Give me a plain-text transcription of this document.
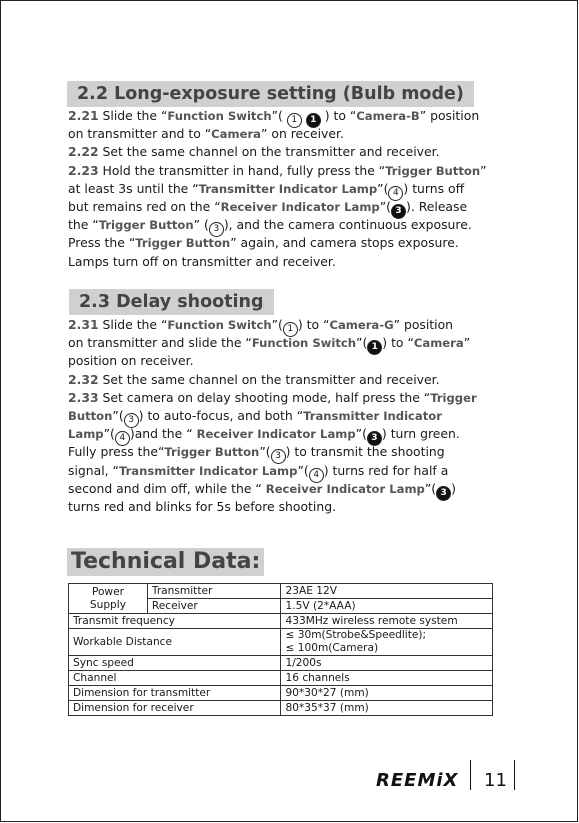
2.2 Long-exposure setting (Bulb mode)
2.21 Slide the “Function Switch”( 1 1 ) to “Camera-B” position
on transmitter and to “Camera” on receiver.
2.22 Set the same channel on the transmitter and receiver.
2.23 Hold the transmitter in hand, fully press the “Trigger Button”
at least 3s until the “Transmitter Indicator Lamp”( 4 ) turns off
but remains red on the “Receiver Indicator Lamp”( 3 ). Release
the “Trigger Button” ( 3 ), and the camera continuous exposure.
Press the “Trigger Button” again, and camera stops exposure.
Lamps turn off on transmitter and receiver.
2.3 Delay shooting
2.31 Slide the “Function Switch”( 1 ) to “Camera-G” position
on transmitter and slide the “Function Switch”( 1 ) to “Camera”
position on receiver.
2.32 Set the same channel on the transmitter and receiver.
2.33 Set camera on delay shooting mode, half press the “Trigger
Button”( 3 ) to auto-focus, and both “Transmitter Indicator
Lamp”( 4 )and the “ Receiver Indicator Lamp”( 3 ) turn green.
Fully press the“Trigger Button”( 3 ) to transmit the shooting
signal, “Transmitter Indicator Lamp”( 4 ) turns red for half a
second and dim off, while the “ Receiver Indicator Lamp”( 3 )
turns red and blinks for 5s before shooting.
Technical Data:
Power Supply	Transmitter	23AE 12V
	Receiver	1.5V (2*AAA)
Transmit frequency		433MHz wireless remote system
Workable Distance		≤ 30m(Strobe&Speedlite);
≤ 100m(Camera)
Sync speed		1/200s
Channel		16 channels
Dimension for transmitter		90*30*27 (mm)
Dimension for receiver		80*35*37 (mm)
REEMiX 11
